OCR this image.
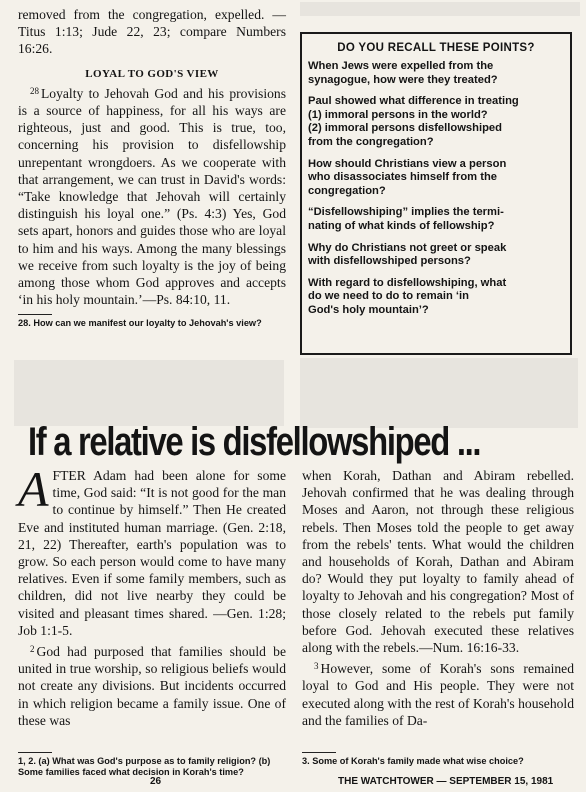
removed from the congregation, expelled. —Titus 1:13; Jude 22, 23; compare Numbers 16:26.

LOYAL TO GOD'S VIEW

$^{28}$ Loyalty to Jehovah God and his provisions is a source of happiness, for all his ways are righteous, just and good. This is true, too, concerning his provision to disfellowship unrepentant wrongdoers. As we cooperate with that arrangement, we can trust in David's words: “Take knowledge that Jehovah will certainly distinguish his loyal one.” (Ps. 4:3) Yes, God sets apart, honors and guides those who are loyal to him and his ways. Among the many blessings we receive from such loyalty is the joy of being among those whom God approves and accepts ‘in his holy mountain.’—Ps. 84:10, 11.

28. How can we manifest our loyalty to Jehovah's view?
DO YOU RECALL THESE POINTS?
When Jews were expelled from the
synagogue, how were they treated?
Paul showed what difference in treating
(1) immoral persons in the world?
(2) immoral persons disfellowshiped
from the congregation?
How should Christians view a person
who disassociates himself from the
congregation?
“Disfellowshiping” implies the termi-
nating of what kinds of fellowship?
Why do Christians not greet or speak
with disfellowshiped persons?
With regard to disfellowshiping, what
do we need to do to remain ‘in
God's holy mountain’?
If a relative is disfellowshiped ...

AFTER Adam had been alone for some time, God said: “It is not good for the man to continue by himself.” Then He created Eve and instituted human marriage. (Gen. 2:18, 21, 22) Thereafter, earth's population was to grow. So each person would come to have many relatives. Even if some family members, such as children, did not live nearby they could be visited and pleasant times shared. —Gen. 1:28; Job 1:1-5.

$^2$ God had purposed that families should be united in true worship, so religious beliefs would not create any divisions. But incidents occurred in which religion became a family issue. One of these was

1, 2. (a) What was God's purpose as to family religion? (b) Some families faced what decision in Korah's time?

when Korah, Dathan and Abiram rebelled. Jehovah confirmed that he was dealing through Moses and Aaron, not through these religious rebels. Then Moses told the people to get away from the rebels' tents. What would the children and households of Korah, Dathan and Abiram do? Would they put loyalty to family ahead of loyalty to Jehovah and his congregation? Most of those closely related to the rebels put family before God. Jehovah executed these relatives along with the rebels.—Num. 16:16-33.

$^3$ However, some of Korah's sons remained loyal to God and His people. They were not executed along with the rest of Korah's household and the families of Da-

3. Some of Korah's family made what wise choice?
26	THE WATCHTOWER — SEPTEMBER 15, 1981
